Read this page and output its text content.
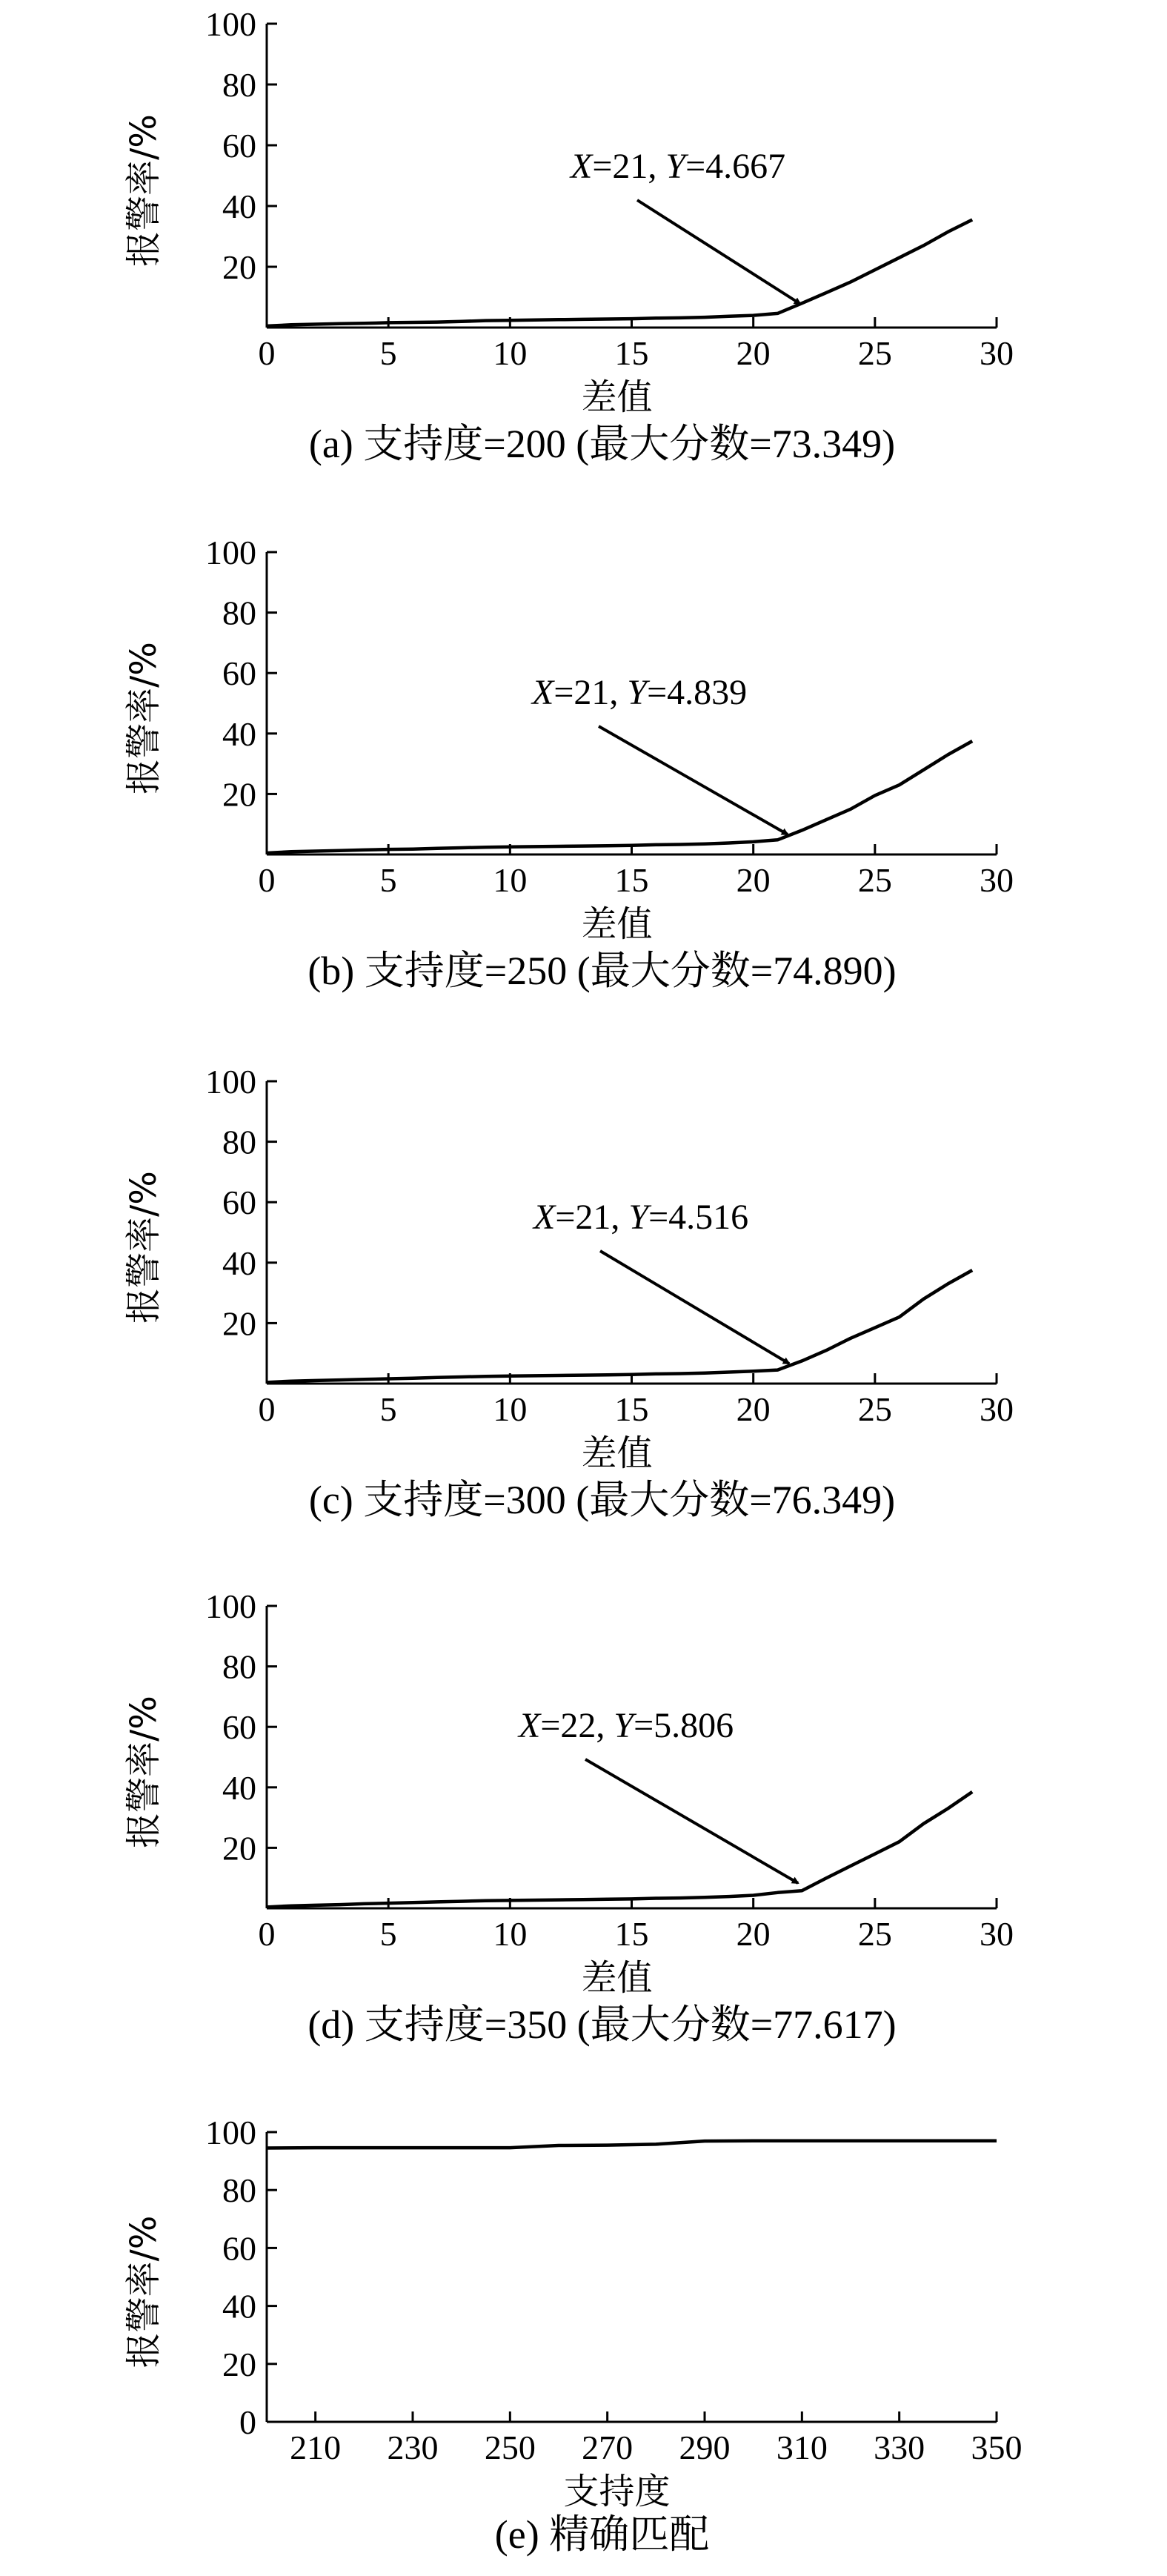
20
40
60
80
100
0	5	10	15	20	25	30
差值
报警率/%
(a) 支持度=200 (最大分数=73.349)
X=21, Y=4.667
20
40
60
80
100
0	5	10	15	20	25	30
差值
报警率/%
(b) 支持度=250 (最大分数=74.890)
X=21, Y=4.839
20
40
60
80
100
0	5	10	15	20	25	30
差值
报警率/%
(c) 支持度=300 (最大分数=76.349)
X=21, Y=4.516
20
40
60
80
100
0	5	10	15	20	25	30
差值
报警率/%
(d) 支持度=350 (最大分数=77.617)
X=22, Y=5.806
0
20
40
60
80
100
210 230 250 270 290 310 330 350
支持度
报警率/%
(e) 精确匹配
